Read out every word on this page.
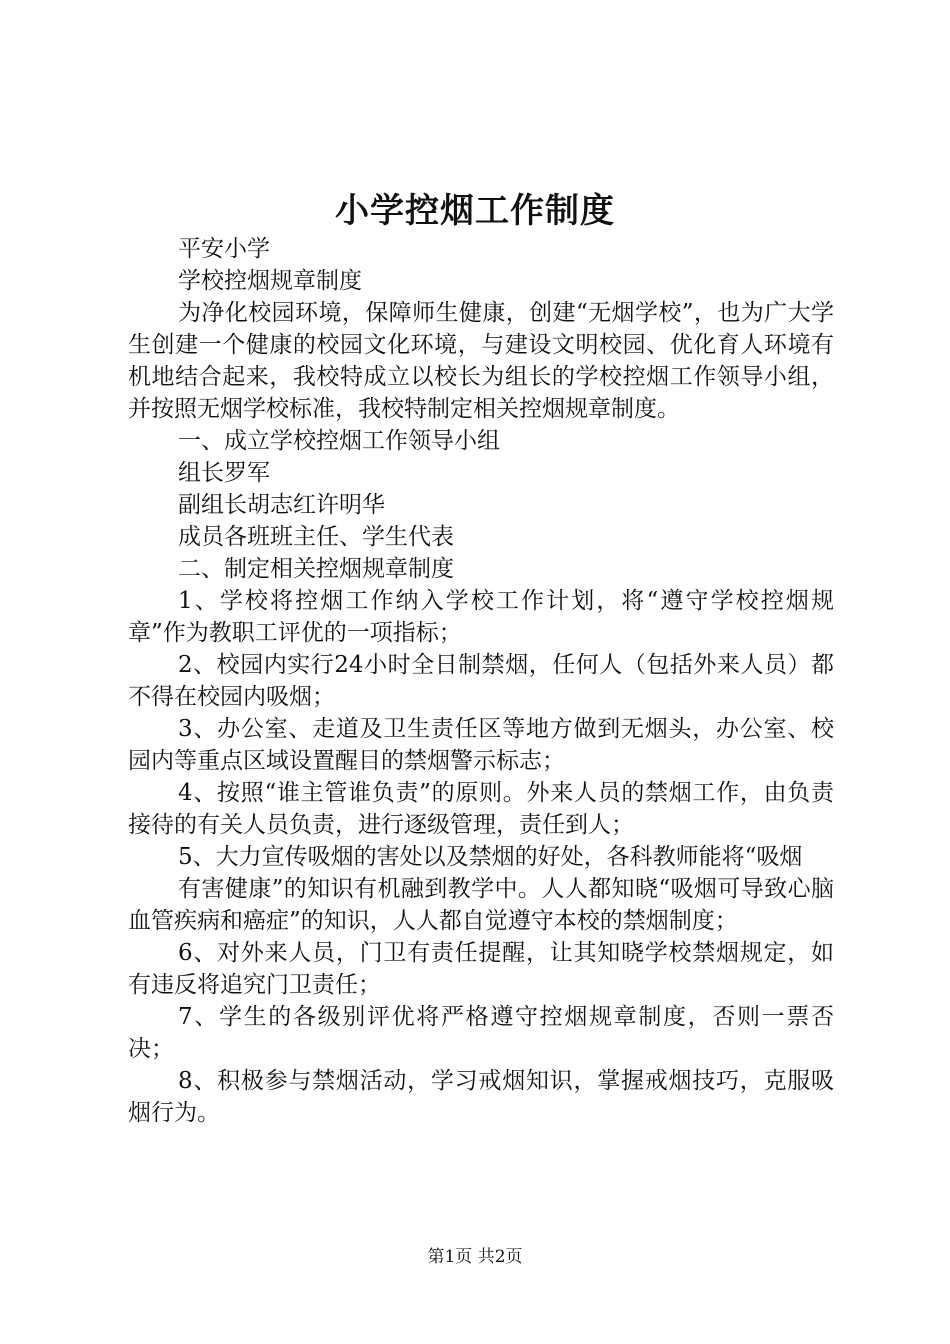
小学控烟工作制度

平安小学

学校控烟规章制度

为净化校园环境，保障师生健康，创建“无烟学校”，也为广大学生创建一个健康的校园文化环境，与建设文明校园、优化育人环境有机地结合起来，我校特成立以校长为组长的学校控烟工作领导小组，并按照无烟学校标准，我校特制定相关控烟规章制度。

一、成立学校控烟工作领导小组

组长罗军

副组长胡志红许明华

成员各班班主任、学生代表

二、制定相关控烟规章制度

1、学校将控烟工作纳入学校工作计划，将“遵守学校控烟规章”作为教职工评优的一项指标；

2、校园内实行24小时全日制禁烟，任何人（包括外来人员）都不得在校园内吸烟；

3、办公室、走道及卫生责任区等地方做到无烟头，办公室、校园内等重点区域设置醒目的禁烟警示标志；

4、按照“谁主管谁负责”的原则。外来人员的禁烟工作，由负责接待的有关人员负责，进行逐级管理，责任到人；

5、大力宣传吸烟的害处以及禁烟的好处，各科教师能将“吸烟

有害健康”的知识有机融到教学中。人人都知晓“吸烟可导致心脑血管疾病和癌症”的知识，人人都自觉遵守本校的禁烟制度；

6、对外来人员，门卫有责任提醒，让其知晓学校禁烟规定，如有违反将追究门卫责任；

7、学生的各级别评优将严格遵守控烟规章制度，否则一票否决；

8、积极参与禁烟活动，学习戒烟知识，掌握戒烟技巧，克服吸烟行为。

第1页 共2页
